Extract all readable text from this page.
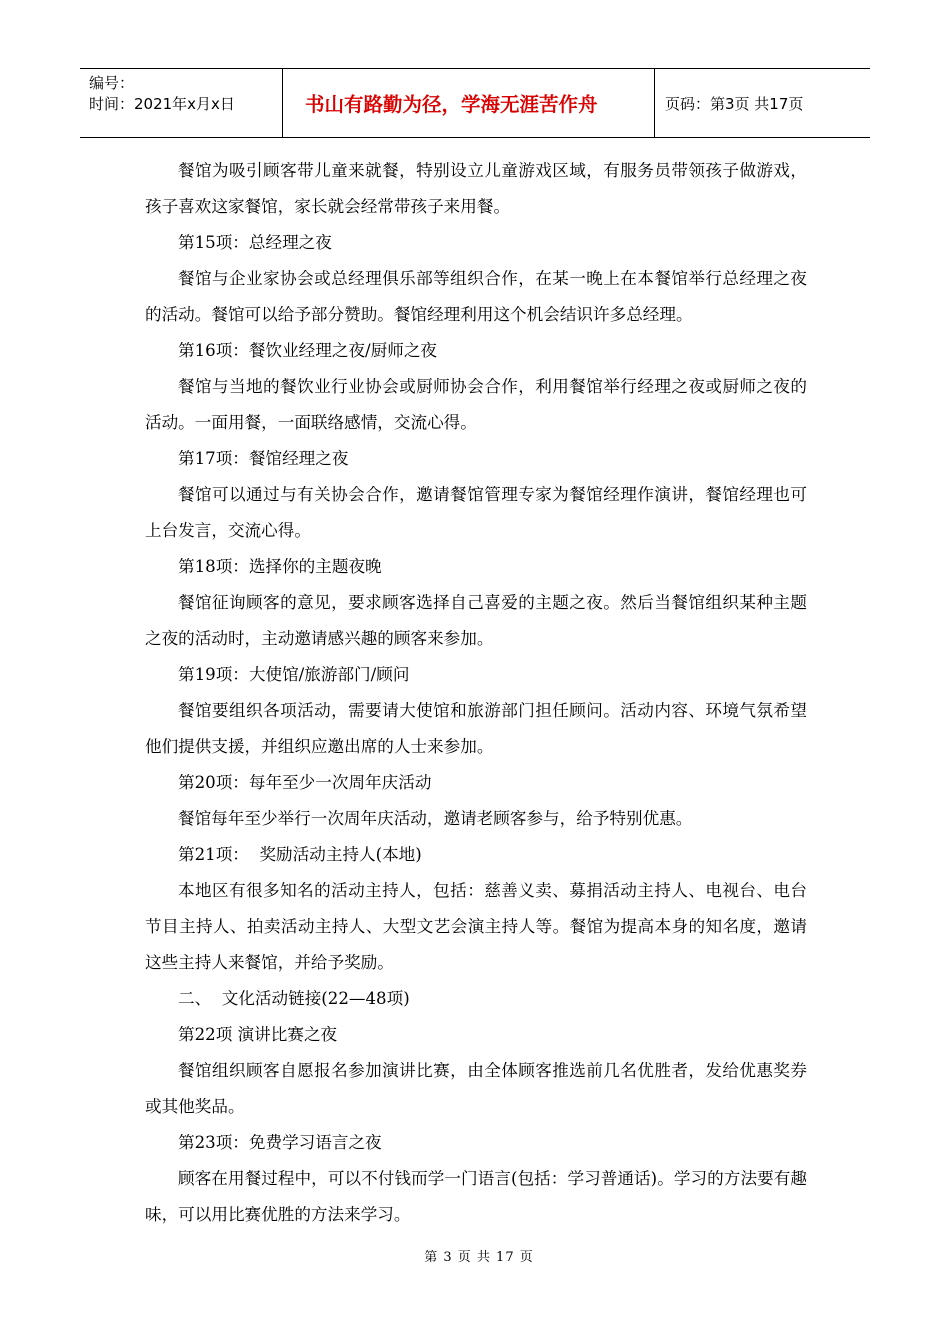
编号：
时间：2021年x月x日	书山有路勤为径，学海无涯苦作舟	页码：第3页 共17页

餐馆为吸引顾客带儿童来就餐，特别设立儿童游戏区域，有服务员带领孩子做游戏，孩子喜欢这家餐馆，家长就会经常带孩子来用餐。

第15项：总经理之夜

餐馆与企业家协会或总经理俱乐部等组织合作，在某一晚上在本餐馆举行总经理之夜的活动。餐馆可以给予部分赞助。餐馆经理利用这个机会结识许多总经理。

第16项：餐饮业经理之夜/厨师之夜

餐馆与当地的餐饮业行业协会或厨师协会合作，利用餐馆举行经理之夜或厨师之夜的活动。一面用餐，一面联络感情，交流心得。

第17项：餐馆经理之夜

餐馆可以通过与有关协会合作，邀请餐馆管理专家为餐馆经理作演讲，餐馆经理也可上台发言，交流心得。

第18项：选择你的主题夜晚

餐馆征询顾客的意见，要求顾客选择自己喜爱的主题之夜。然后当餐馆组织某种主题之夜的活动时，主动邀请感兴趣的顾客来参加。

第19项：大使馆/旅游部门/顾问

餐馆要组织各项活动，需要请大使馆和旅游部门担任顾问。活动内容、环境气氛希望他们提供支援，并组织应邀出席的人士来参加。

第20项：每年至少一次周年庆活动

餐馆每年至少举行一次周年庆活动，邀请老顾客参与，给予特别优惠。

第21项：  奖励活动主持人(本地)

本地区有很多知名的活动主持人，包括：慈善义卖、募捐活动主持人、电视台、电台节目主持人、拍卖活动主持人、大型文艺会演主持人等。餐馆为提高本身的知名度，邀请这些主持人来餐馆，并给予奖励。

二、  文化活动链接(22—48项)

第22项 演讲比赛之夜

餐馆组织顾客自愿报名参加演讲比赛，由全体顾客推选前几名优胜者，发给优惠奖券或其他奖品。

第23项：免费学习语言之夜

顾客在用餐过程中，可以不付钱而学一门语言(包括：学习普通话)。学习的方法要有趣味，可以用比赛优胜的方法来学习。

第 3 页 共 17 页
